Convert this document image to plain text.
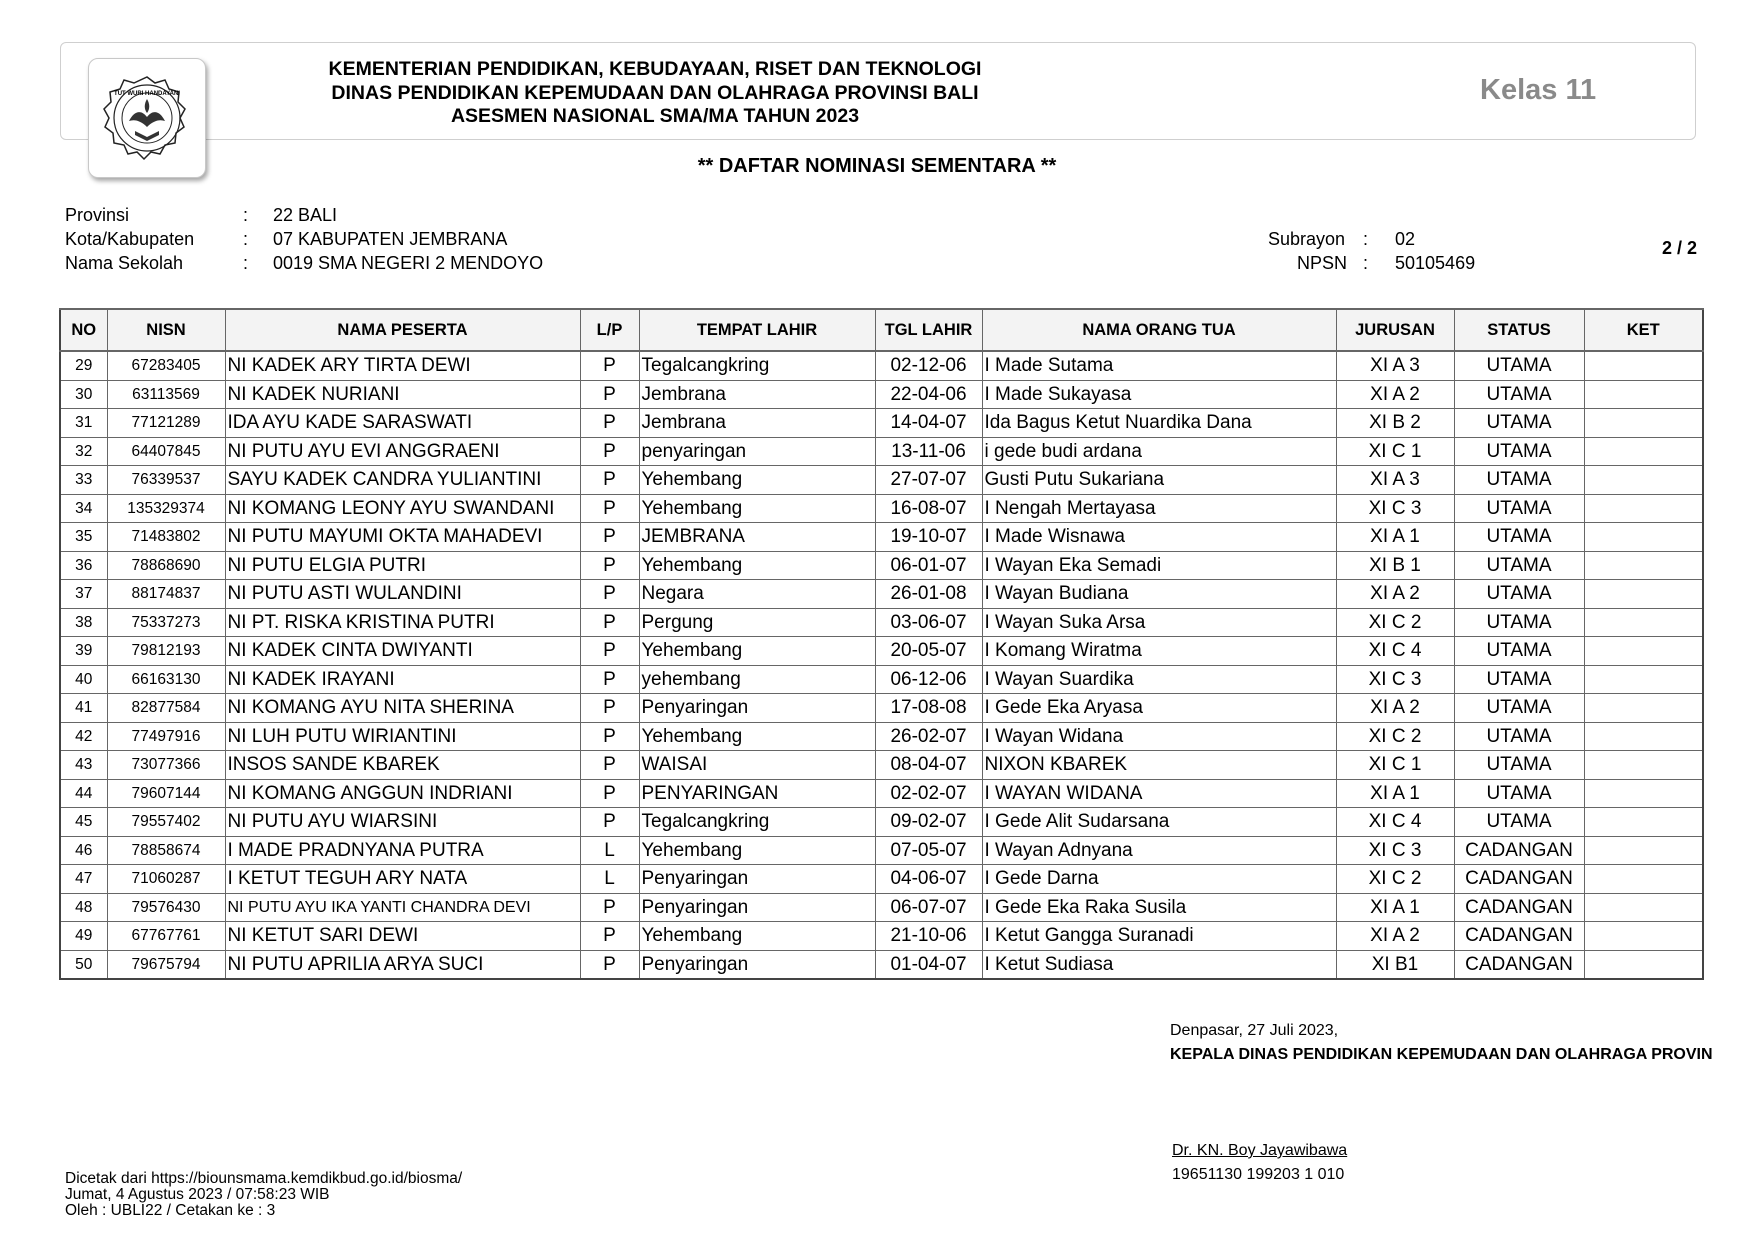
TUT WURI HANDAYANI
KEMENTERIAN PENDIDIKAN, KEBUDAYAAN, RISET DAN TEKNOLOGI
DINAS PENDIDIKAN KEPEMUDAAN DAN OLAHRAGA PROVINSI BALI
ASESMEN NASIONAL SMA/MA TAHUN 2023
Kelas 11
** DAFTAR NOMINASI SEMENTARA **
Provinsi	: 22 BALI
Kota/Kabupaten	: 07 KABUPATEN JEMBRANA
Nama Sekolah	: 0019 SMA NEGERI 2 MENDOYO
Subrayon : 02
NPSN : 50105469
2 / 2
NO	NISN	NAMA PESERTA	L/P	TEMPAT LAHIR	TGL LAHIR	NAMA ORANG TUA	JURUSAN	STATUS	KET
29	67283405	NI KADEK ARY TIRTA DEWI	P	Tegalcangkring	02-12-06	I Made Sutama	XI A 3	UTAMA	
30	63113569	NI KADEK NURIANI	P	Jembrana	22-04-06	I Made Sukayasa	XI A 2	UTAMA	
31	77121289	IDA AYU KADE SARASWATI	P	Jembrana	14-04-07	Ida Bagus Ketut Nuardika Dana	XI B 2	UTAMA	
32	64407845	NI PUTU AYU EVI ANGGRAENI	P	penyaringan	13-11-06	i gede budi ardana	XI C 1	UTAMA	
33	76339537	SAYU KADEK CANDRA YULIANTINI	P	Yehembang	27-07-07	Gusti Putu Sukariana	XI A 3	UTAMA	
34	135329374	NI KOMANG LEONY AYU SWANDANI	P	Yehembang	16-08-07	I Nengah Mertayasa	XI C 3	UTAMA	
35	71483802	NI PUTU MAYUMI OKTA MAHADEVI	P	JEMBRANA	19-10-07	I Made Wisnawa	XI A 1	UTAMA	
36	78868690	NI PUTU ELGIA PUTRI	P	Yehembang	06-01-07	I Wayan Eka Semadi	XI B 1	UTAMA	
37	88174837	NI PUTU ASTI WULANDINI	P	Negara	26-01-08	I Wayan Budiana	XI A 2	UTAMA	
38	75337273	NI PT. RISKA KRISTINA PUTRI	P	Pergung	03-06-07	I Wayan Suka Arsa	XI C 2	UTAMA	
39	79812193	NI KADEK CINTA DWIYANTI	P	Yehembang	20-05-07	I Komang Wiratma	XI C 4	UTAMA	
40	66163130	NI KADEK IRAYANI	P	yehembang	06-12-06	I Wayan Suardika	XI C 3	UTAMA	
41	82877584	NI KOMANG AYU NITA SHERINA	P	Penyaringan	17-08-08	I Gede Eka Aryasa	XI A 2	UTAMA	
42	77497916	NI LUH PUTU WIRIANTINI	P	Yehembang	26-02-07	I Wayan Widana	XI C 2	UTAMA	
43	73077366	INSOS SANDE KBAREK	P	WAISAI	08-04-07	NIXON KBAREK	XI C 1	UTAMA	
44	79607144	NI KOMANG ANGGUN INDRIANI	P	PENYARINGAN	02-02-07	I WAYAN WIDANA	XI A 1	UTAMA	
45	79557402	NI PUTU AYU WIARSINI	P	Tegalcangkring	09-02-07	I Gede Alit Sudarsana	XI C 4	UTAMA	
46	78858674	I MADE PRADNYANA PUTRA	L	Yehembang	07-05-07	I Wayan Adnyana	XI C 3	CADANGAN	
47	71060287	I KETUT TEGUH ARY NATA	L	Penyaringan	04-06-07	I Gede Darna	XI C 2	CADANGAN	
48	79576430	NI PUTU AYU IKA YANTI CHANDRA DEVI	P	Penyaringan	06-07-07	I Gede Eka Raka Susila	XI A 1	CADANGAN	
49	67767761	NI KETUT SARI DEWI	P	Yehembang	21-10-06	I Ketut Gangga Suranadi	XI A 2	CADANGAN	
50	79675794	NI PUTU APRILIA ARYA SUCI	P	Penyaringan	01-04-07	I Ketut Sudiasa	XI B1	CADANGAN	
Denpasar, 27 Juli 2023,
KEPALA DINAS PENDIDIKAN KEPEMUDAAN DAN OLAHRAGA PROVIN
Dr. KN. Boy Jayawibawa
19651130 199203 1 010
Dicetak dari https://biounsmama.kemdikbud.go.id/biosma/
Jumat, 4 Agustus 2023 / 07:58:23 WIB
Oleh : UBLI22 / Cetakan ke : 3
